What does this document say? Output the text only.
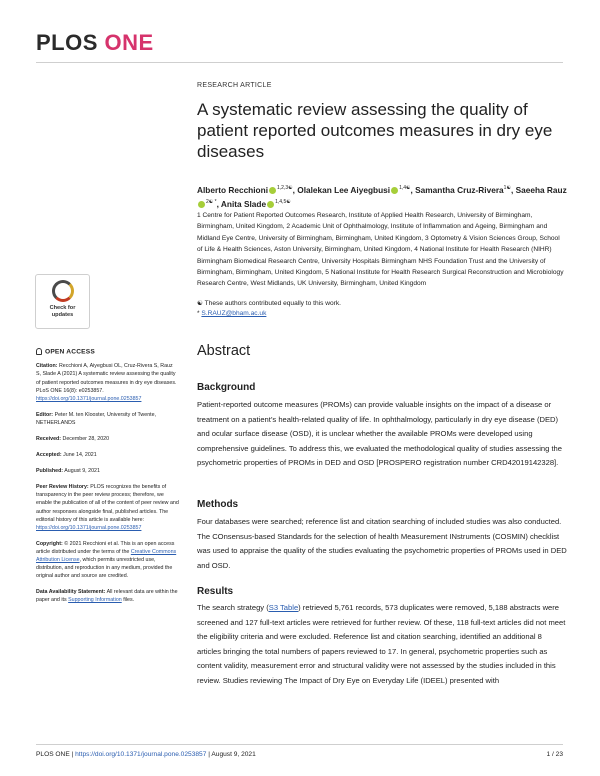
PLOS ONE
RESEARCH ARTICLE
A systematic review assessing the quality of patient reported outcomes measures in dry eye diseases
Alberto Recchioni $^{1,2,3☯}$, Olalekan Lee Aiyegbusi $^{1,4☯}$, Samantha Cruz-Rivera$^{1☯}$, Saeeha Rauz$^{2☯ *}$, Anita Slade $^{1,4,5☯}$
1 Centre for Patient Reported Outcomes Research, Institute of Applied Health Research, University of Birmingham, Birmingham, United Kingdom, 2 Academic Unit of Ophthalmology, Institute of Inflammation and Ageing, Birmingham and Midland Eye Centre, University of Birmingham, Birmingham, United Kingdom, 3 Optometry & Vision Sciences Group, School of Life & Health Sciences, Aston University, Birmingham, United Kingdom, 4 National Institute for Health Research (NIHR) Birmingham Biomedical Research Centre, University Hospitals Birmingham NHS Foundation Trust and the University of Birmingham, Birmingham, United Kingdom, 5 National Institute for Health Research Surgical Reconstruction and Microbiology Research Centre, West Midlands, UK University, Birmingham, United Kingdom
☯ These authors contributed equally to this work.
* S.RAUZ@bham.ac.uk
Check for
updates
OPEN ACCESS
Citation: Recchioni A, Aiyegbusi OL, Cruz-Rivera S, Rauz S, Slade A (2021) A systematic review assessing the quality of patient reported outcomes measures in dry eye diseases. PLoS ONE 16(8): e0253857. https://doi.org/10.1371/journal.pone.0253857
Editor: Peter M. ten Klooster, University of Twente, NETHERLANDS
Received: December 28, 2020
Accepted: June 14, 2021
Published: August 9, 2021
Peer Review History: PLOS recognizes the benefits of transparency in the peer review process; therefore, we enable the publication of all of the content of peer review and author responses alongside final, published articles. The editorial history of this article is available here: https://doi.org/10.1371/journal.pone.0253857
Copyright: © 2021 Recchioni et al. This is an open access article distributed under the terms of the Creative Commons Attribution License, which permits unrestricted use, distribution, and reproduction in any medium, provided the original author and source are credited.
Data Availability Statement: All relevant data are within the paper and its Supporting Information files.
Abstract
Background
Patient-reported outcome measures (PROMs) can provide valuable insights on the impact of a disease or treatment on a patient’s health-related quality of life. In ophthalmology, particularly in dry eye disease (DED) and ocular surface disease (OSD), it is unclear whether the available PROMs were developed using comprehensive guidelines. To address this, we evaluated the methodological quality of studies assessing the psychometric properties of PROMs in DED and OSD [PROSPERO registration number CRD42019142328].
Methods
Four databases were searched; reference list and citation searching of included studies was also conducted. The COnsensus-based Standards for the selection of health Measurement INstruments (COSMIN) checklist was used to appraise the quality of the studies evaluating the psychometric properties of PROMs used in DED and OSD.
Results
The search strategy (S3 Table) retrieved 5,761 records, 573 duplicates were removed, 5,188 abstracts were screened and 127 full-text articles were retrieved for further review. Of these, 118 full-text articles did not meet the eligibility criteria and were excluded. Reference list and citation searching, identified an additional 8 articles bringing the total numbers of papers reviewed to 17. In general, psychometric properties such as content validity, measurement error and structural validity were not assessed by the studies included in this review. Studies reviewing The Impact of Dry Eye on Everyday Life (IDEEL) presented with
PLOS ONE | https://doi.org/10.1371/journal.pone.0253857 | August 9, 2021	1 / 23
